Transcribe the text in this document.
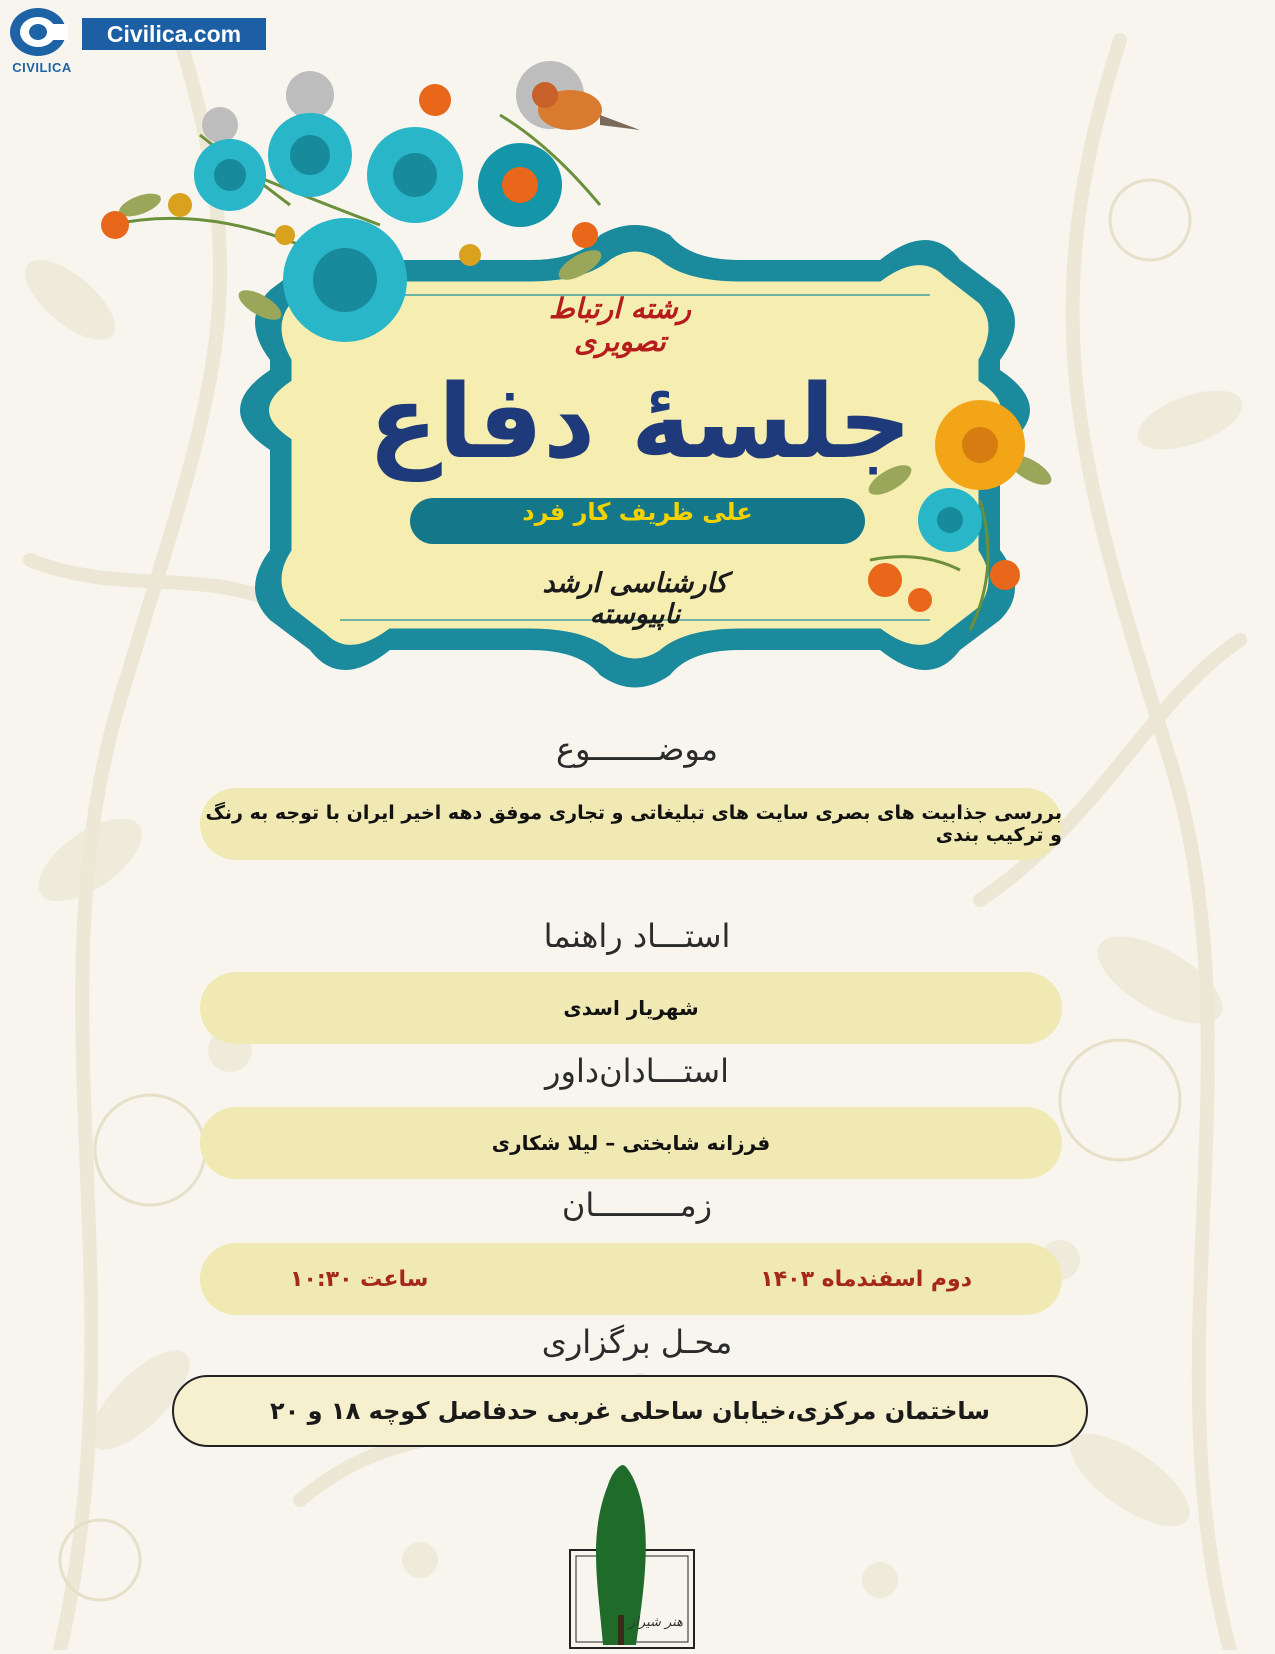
CIVILICA
Civilica.com
رشته ارتباط تصویری
جلسهٔ دفاع
علی ظریف کار فرد
کارشناسی ارشد ناپیوسته
موضـــــــوع
بررسی جذابیت های بصری سایت های تبلیغاتی و تجاری موفق دهه اخیر ایران با توجه به رنگ و ترکیب بندی
استـــاد راهنما
شهریار اسدی
استـــادان‌داور
فرزانه شابختی – لیلا شکاری
زمـــــــــان
دوم اسفندماه ۱۴۰۳
ساعت ۱۰:۳۰
محـل برگزاری
ساختمان مرکزی،خیابان ساحلی غربی حدفاصل کوچه ۱۸ و ۲۰
هنر شیراز
